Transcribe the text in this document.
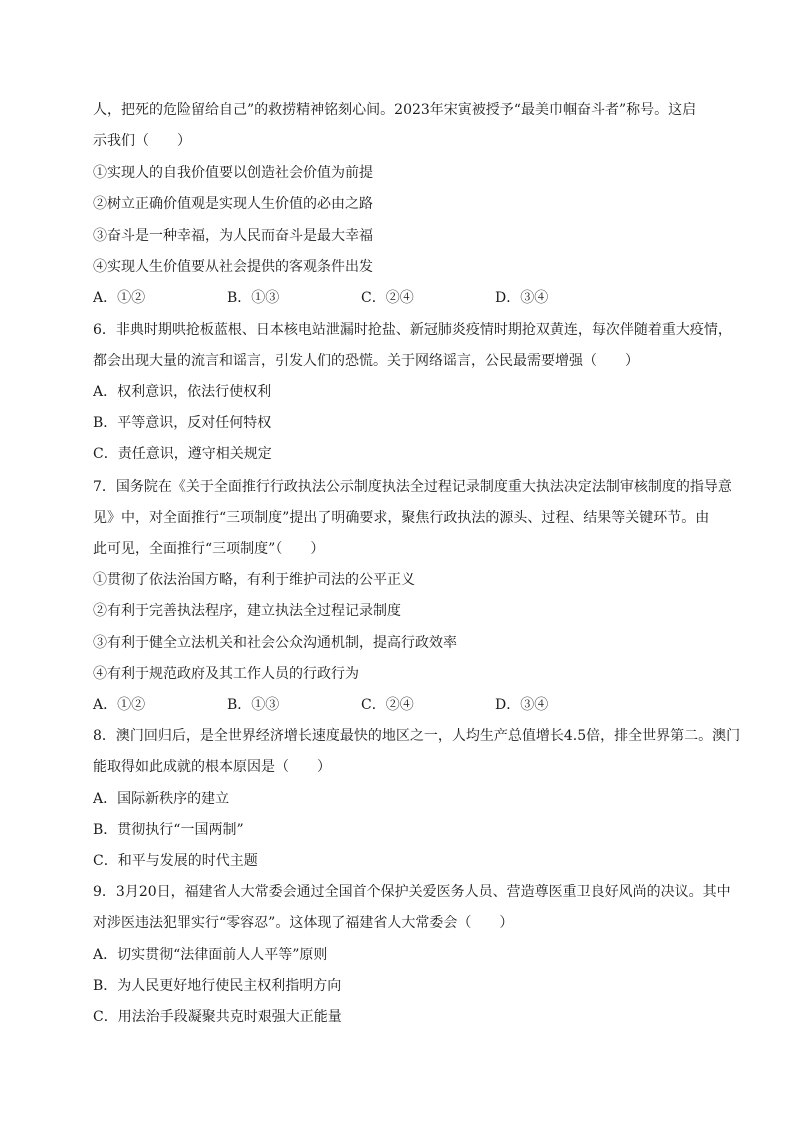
人，把死的危险留给自己”的救捞精神铭刻心间。2023年宋寅被授予“最美巾帼奋斗者”称号。这启
示我们（　　）
①实现人的自我价值要以创造社会价值为前提
②树立正确价值观是实现人生价值的必由之路
③奋斗是一种幸福，为人民而奋斗是最大幸福
④实现人生价值要从社会提供的客观条件出发
A．①②	B．①③	C．②④	D．③④
6．非典时期哄抢板蓝根、日本核电站泄漏时抢盐、新冠肺炎疫情时期抢双黄连，每次伴随着重大疫情，
都会出现大量的流言和谣言，引发人们的恐慌。关于网络谣言，公民最需要增强（　　）
A．权利意识，依法行使权利
B．平等意识，反对任何特权
C．责任意识，遵守相关规定
7．国务院在《关于全面推行行政执法公示制度执法全过程记录制度重大执法决定法制审核制度的指导意
见》中，对全面推行“三项制度”提出了明确要求，聚焦行政执法的源头、过程、结果等关键环节。由
此可见，全面推行“三项制度”（　　）
①贯彻了依法治国方略，有利于维护司法的公平正义
②有利于完善执法程序，建立执法全过程记录制度
③有利于健全立法机关和社会公众沟通机制，提高行政效率
④有利于规范政府及其工作人员的行政行为
A．①②	B．①③	C．②④	D．③④
8．澳门回归后，是全世界经济增长速度最快的地区之一，人均生产总值增长4.5倍，排全世界第二。澳门
能取得如此成就的根本原因是（　　）
A．国际新秩序的建立
B．贯彻执行“一国两制”
C．和平与发展的时代主题
9．3月20日，福建省人大常委会通过全国首个保护关爱医务人员、营造尊医重卫良好风尚的决议。其中
对涉医违法犯罪实行“零容忍”。这体现了福建省人大常委会（　　）
A．切实贯彻“法律面前人人平等”原则
B．为人民更好地行使民主权利指明方向
C．用法治手段凝聚共克时艰强大正能量
